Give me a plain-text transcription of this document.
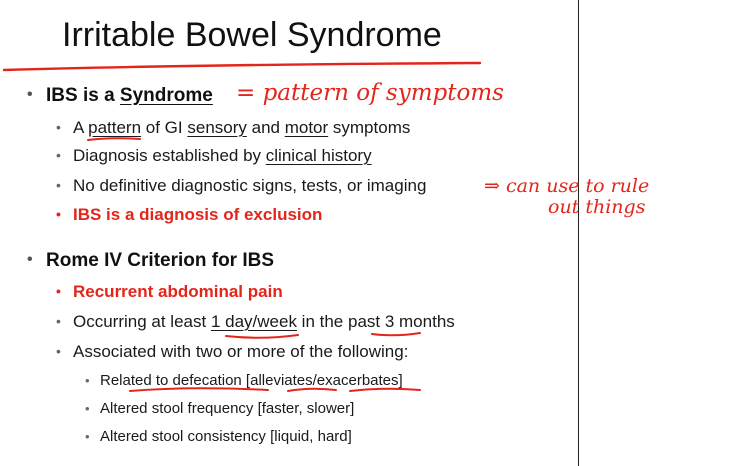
Irritable Bowel Syndrome
• IBS is a Syndrome
• A pattern of GI sensory and motor symptoms
• Diagnosis established by clinical history
• No definitive diagnostic signs, tests, or imaging
• IBS is a diagnosis of exclusion
• Rome IV Criterion for IBS
• Recurrent abdominal pain
• Occurring at least 1 day/week in the past 3 months
• Associated with two or more of the following:
• Related to defecation [alleviates/exacerbates]
• Altered stool frequency [faster, slower]
• Altered stool consistency [liquid, hard]
= pattern of symptoms
⇒ can use to rule
out things
